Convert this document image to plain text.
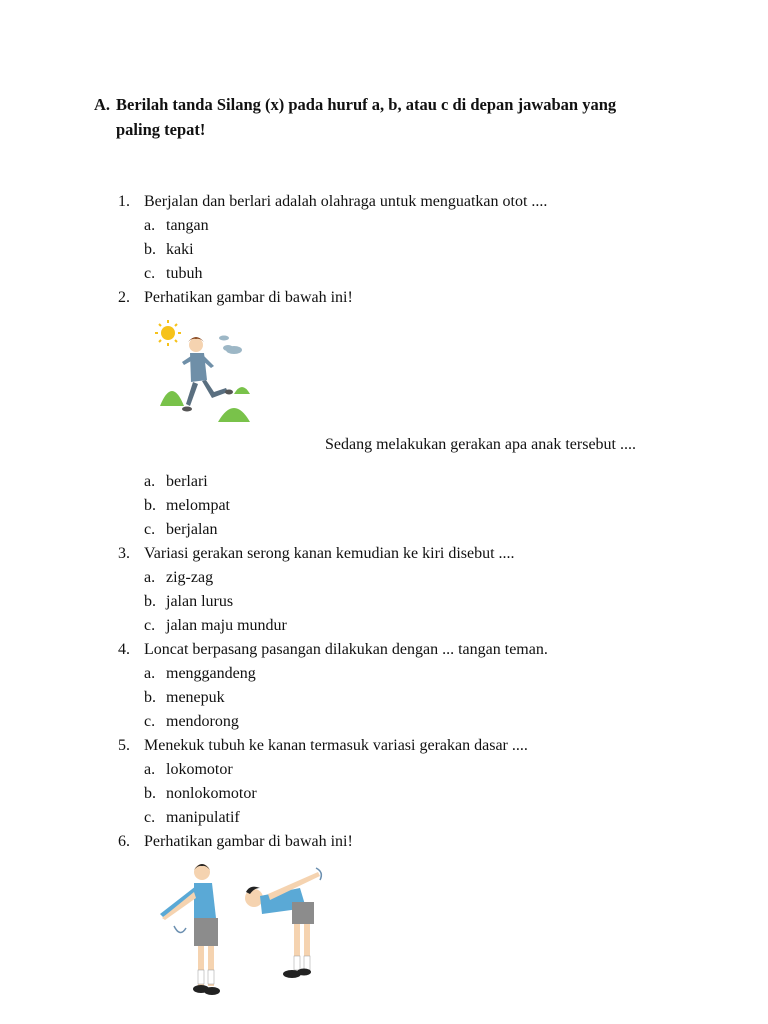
A. Berilah tanda Silang (x) pada huruf a, b, atau c di depan jawaban yang
paling tepat!
1. Berjalan dan berlari adalah olahraga untuk menguatkan otot ....
a. tangan
b. kaki
c. tubuh
2. Perhatikan gambar di bawah ini!
Sedang melakukan gerakan apa anak tersebut ....
a. berlari
b. melompat
c. berjalan
3. Variasi gerakan serong kanan kemudian ke kiri disebut ....
a. zig-zag
b. jalan lurus
c. jalan maju mundur
4. Loncat berpasang pasangan dilakukan dengan ... tangan teman.
a. menggandeng
b. menepuk
c. mendorong
5. Menekuk tubuh ke kanan termasuk variasi gerakan dasar ....
a. lokomotor
b. nonlokomotor
c. manipulatif
6. Perhatikan gambar di bawah ini!
